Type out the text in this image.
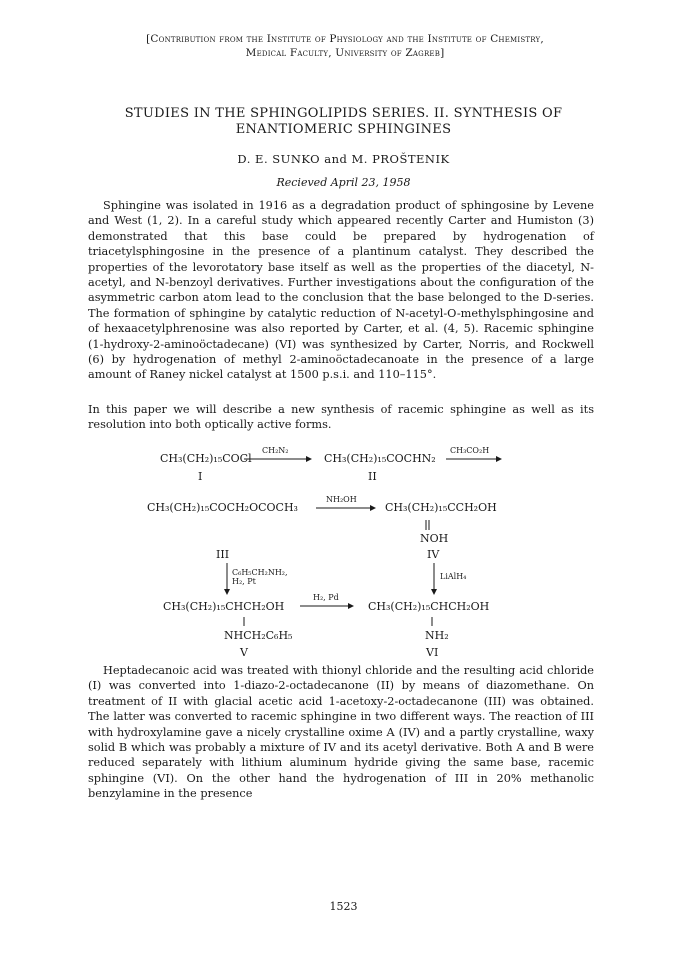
[Contribution from the Institute of Physiology and the Institute of Chemistry,
Medical Faculty, University of Zagreb]
STUDIES IN THE SPHINGOLIPIDS SERIES. II. SYNTHESIS OF
ENANTIOMERIC SPHINGINES
D. E. SUNKO and M. PROŠTENIK
Recieved April 23, 1958
Sphingine was isolated in 1916 as a degradation product of sphingosine by Levene and West (1, 2). In a careful study which appeared recently Carter and Humiston (3) demonstrated that this base could be prepared by hydrogenation of triacetylsphingosine in the presence of a plantinum catalyst. They described the properties of the levorotatory base itself as well as the properties of the diacetyl, N-acetyl, and N-benzoyl derivatives. Further investigations about the configuration of the asymmetric carbon atom lead to the conclusion that the base belonged to the D-series. The formation of sphingine by catalytic reduction of N-acetyl-O-methylsphingosine and of hexaacetylphrenosine was also reported by Carter, et al. (4, 5). Racemic sphingine (1-hydroxy-2-aminoöctadecane) (VI) was synthesized by Carter, Norris, and Rockwell (6) by hydrogenation of methyl 2-aminoöctadecanoate in the presence of a large amount of Raney nickel catalyst at 1500 p.s.i. and 110–115°.
In this paper we will describe a new synthesis of racemic sphingine as well as its resolution into both optically active forms.
CH₂N₂	CH₃CO₂H
NH₂OH
C₆H₅CH₂NH₂,
H₂, Pt
LiAlH₄
H₂, Pd
CH₃(CH₂)₁₅COCl	CH₃(CH₂)₁₅COCHN₂
I	II
CH₃(CH₂)₁₅COCH₂OCOCH₃	CH₃(CH₂)₁₅CCH₂OH
NOH
III	IV
CH₃(CH₂)₁₅CHCH₂OH	CH₃(CH₂)₁₅CHCH₂OH
NHCH₂C₆H₅	NH₂
V	VI
Heptadecanoic acid was treated with thionyl chloride and the resulting acid chloride (I) was converted into 1-diazo-2-octadecanone (II) by means of diazomethane. On treatment of II with glacial acetic acid 1-acetoxy-2-octadecanone (III) was obtained. The latter was converted to racemic sphingine in two different ways. The reaction of III with hydroxylamine gave a nicely crystalline oxime A (IV) and a partly crystalline, waxy solid B which was probably a mixture of IV and its acetyl derivative. Both A and B were reduced separately with lithium aluminum hydride giving the same base, racemic sphingine (VI). On the other hand the hydrogenation of III in 20% methanolic benzylamine in the presence
1523
